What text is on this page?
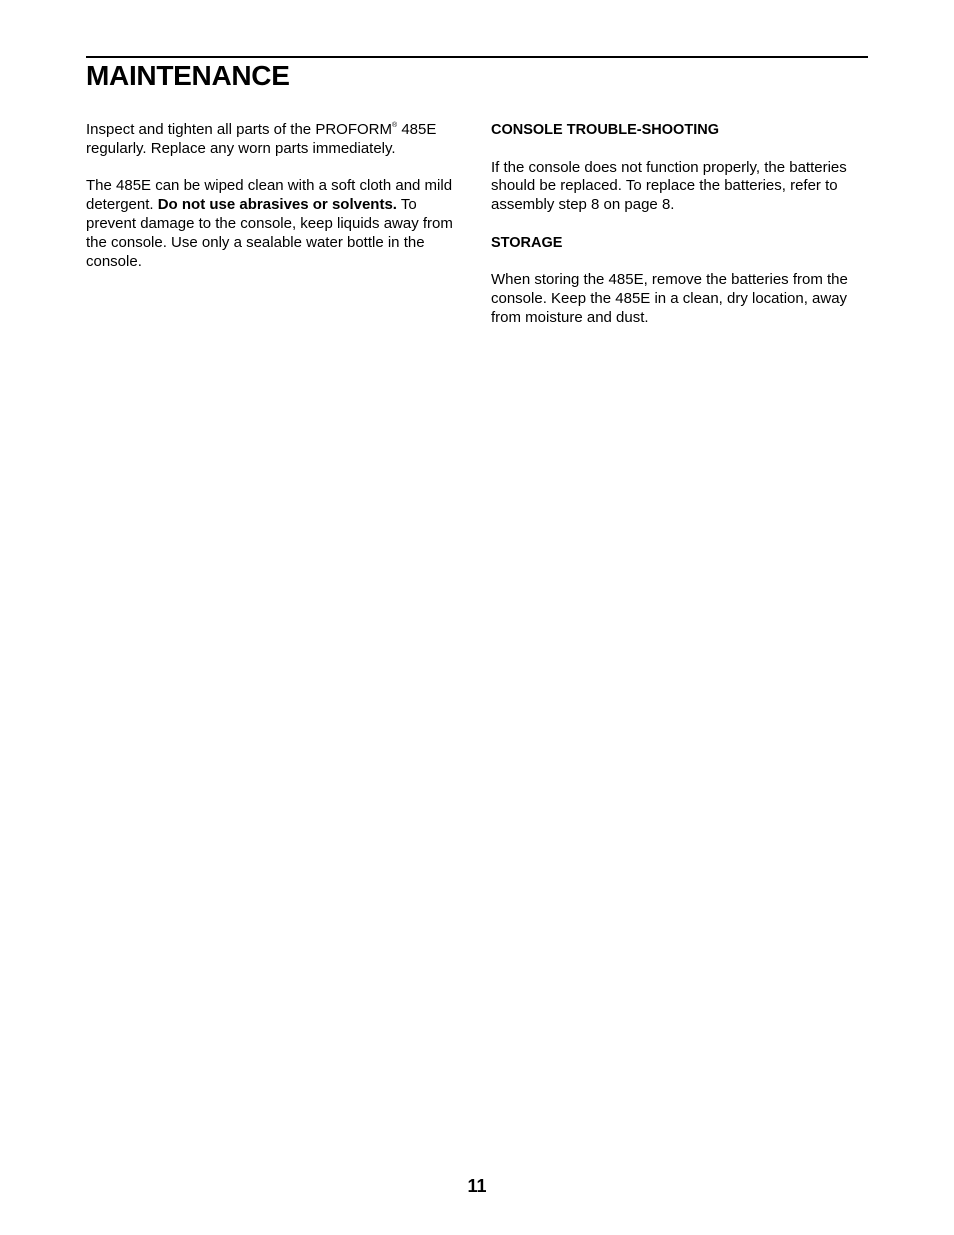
MAINTENANCE

Inspect and tighten all parts of the PROFORM® 485E regularly. Replace any worn parts immediately.

The 485E can be wiped clean with a soft cloth and mild detergent. Do not use abrasives or solvents. To prevent damage to the console, keep liquids away from the console. Use only a sealable water bottle in the console.

CONSOLE TROUBLE-SHOOTING

If the console does not function properly, the batteries should be replaced. To replace the batteries, refer to assembly step 8 on page 8.

STORAGE

When storing the 485E, remove the batteries from the console. Keep the 485E in a clean, dry location, away from moisture and dust.

11
